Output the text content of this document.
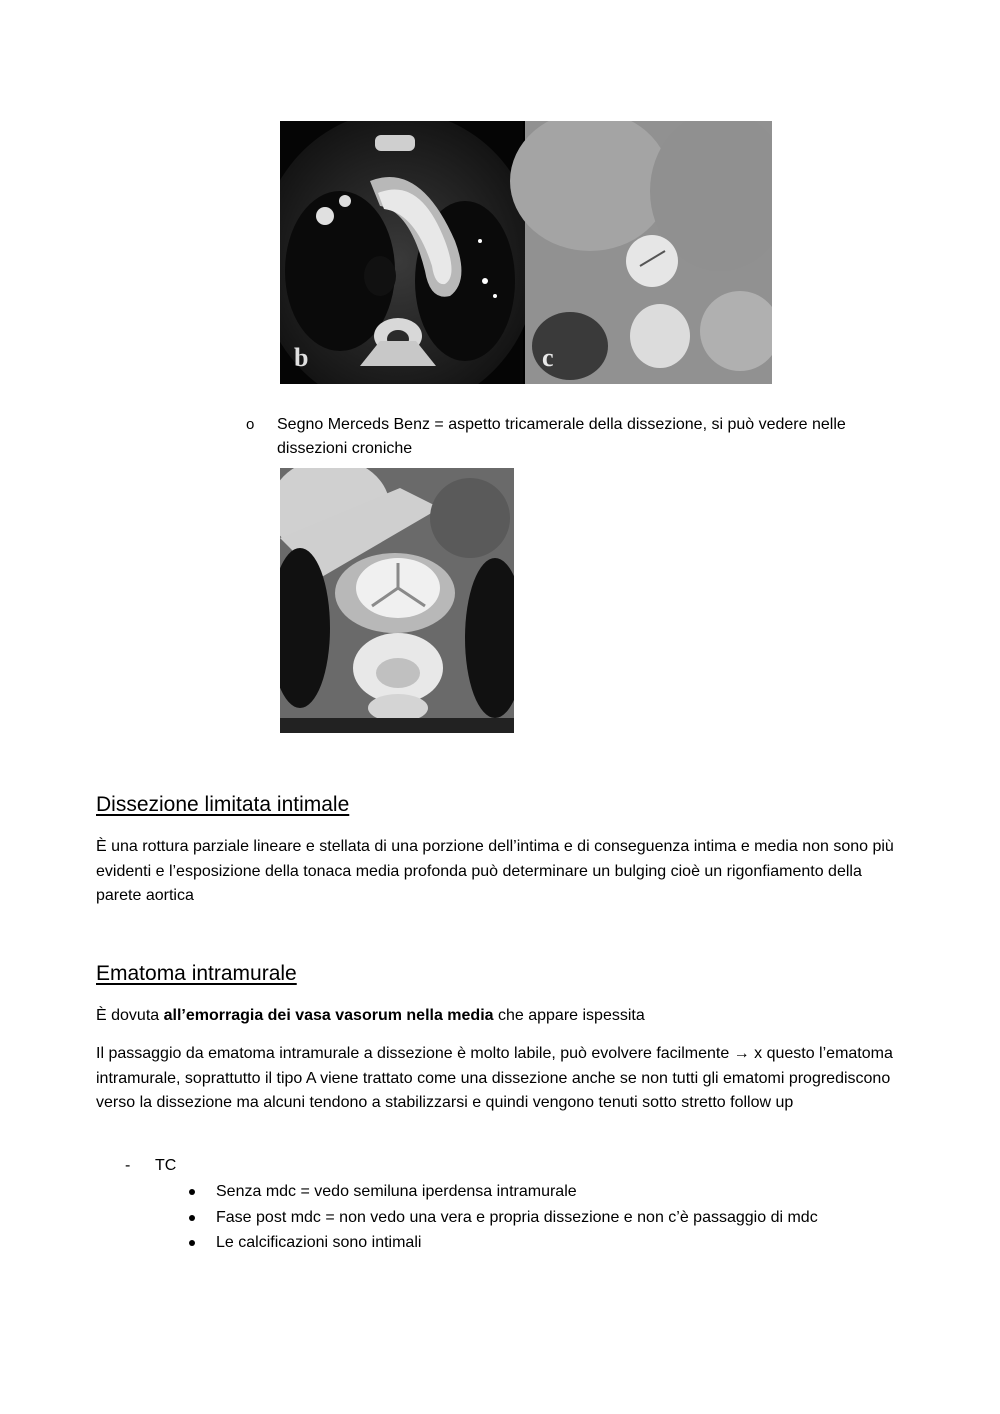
b	c
o Segno Merceds Benz = aspetto tricamerale della dissezione, si può vedere nelle dissezioni croniche
Dissezione limitata intimale

È una rottura parziale lineare e stellata di una porzione dell’intima e di conseguenza intima e media non sono più evidenti e l’esposizione della tonaca media profonda può determinare un bulging cioè un rigonfiamento della parete aortica

Ematoma intramurale

È dovuta all’emorragia dei vasa vasorum nella media che appare ispessita

Il passaggio da ematoma intramurale a dissezione è molto labile, può evolvere facilmente → x questo l’ematoma intramurale, soprattutto il tipo A viene trattato come una dissezione anche se non tutti gli ematomi progrediscono verso la dissezione ma alcuni tendono a stabilizzarsi e quindi vengono tenuti sotto stretto follow up

- TC
Senza mdc = vedo semiluna iperdensa intramurale
Fase post mdc = non vedo una vera e propria dissezione e non c’è passaggio di mdc
Le calcificazioni sono intimali
